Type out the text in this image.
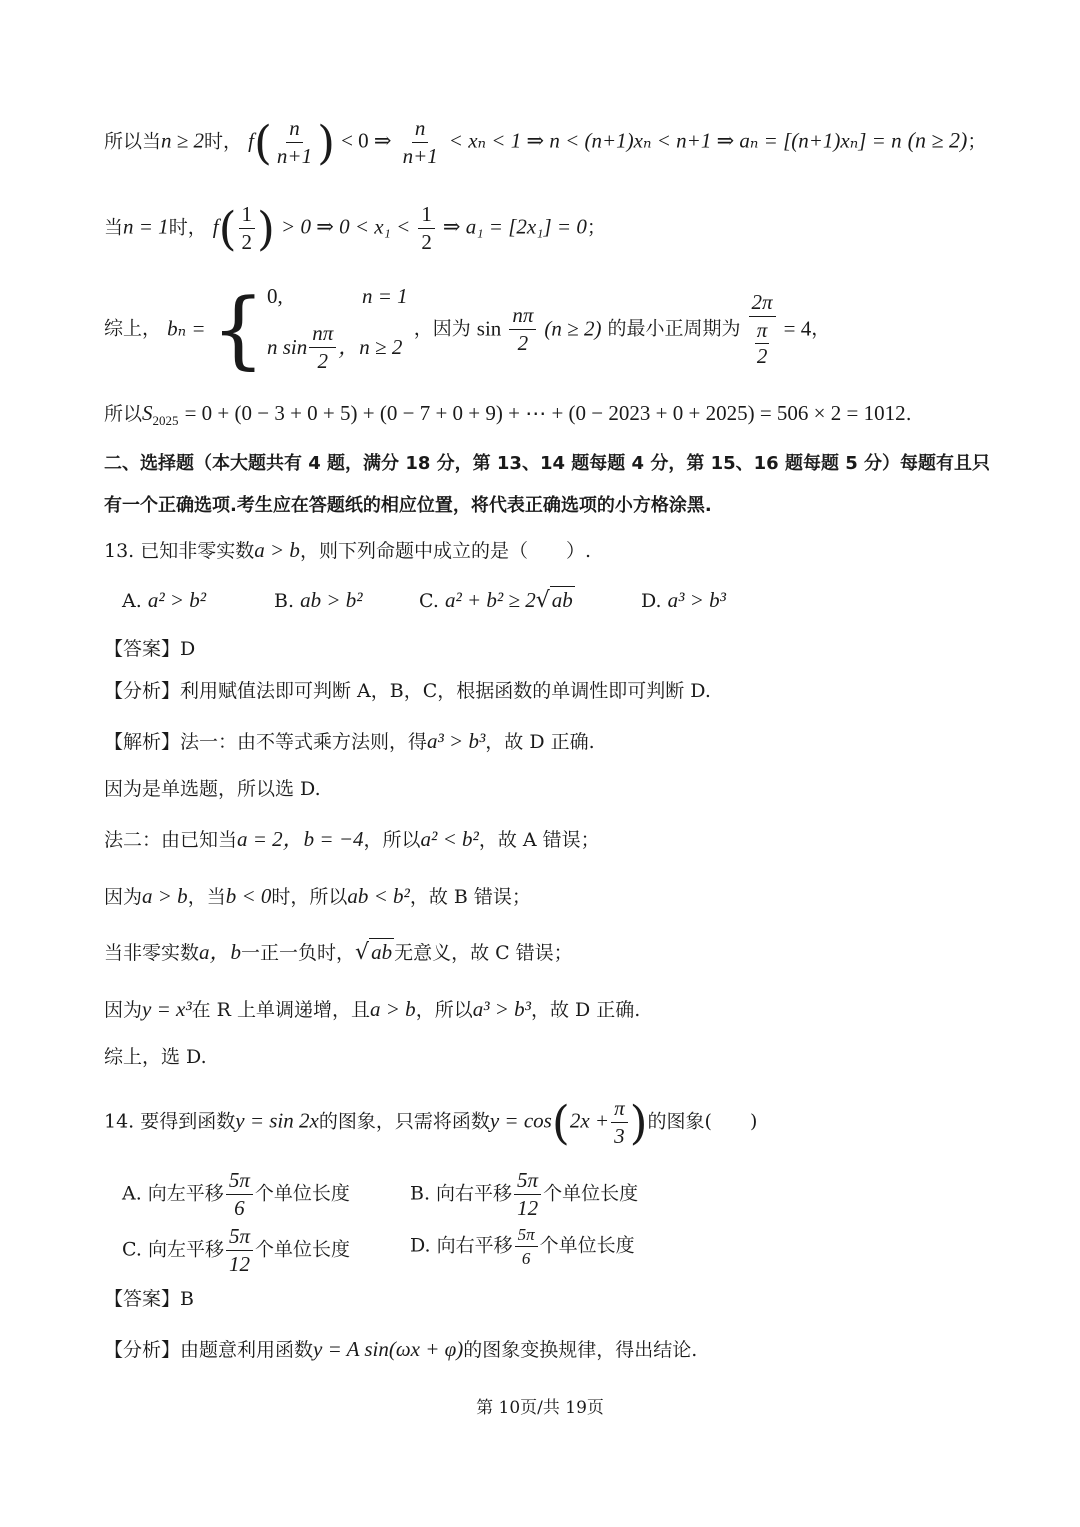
所以当n ≥ 2时， $f( \frac{n}{n+1}$ ) < 0 ⇒ $\frac{n}{n+1} < x_n < 1$ ⇒ n < (n+1)xₙ < n+1 ⇒ aₙ = [(n+1)xₙ] = n (n ≥ 2)；
当n = 1时， $f( \frac{1}{2}$ ) > 0 ⇒ $0 < x_1 < \frac{1}{2}$ ⇒ a₁ = [2x₁] = 0；
综上， bₙ = { 0,	n = 1
n $\sin \frac{n\pi}{2}$ ，n ≥ 2
，因为 $\sin \frac{n\pi}{2} (n \ge 2)$ 的最小正周期为 2π
π
2 = 4，
所以$S_{2025} = 0 + (0 - 3 + 0 + 5) + (0 - 7 + 0 + 9)$ + ⋯ + (0 − 2023 + 0 + 2025) = 506 × 2 = 1012.
二、选择题（本大题共有 4 题，满分 18 分，第 13、14 题每题 4 分，第 15、16 题每题 5 分）每题有且只
有一个正确选项.考生应在答题纸的相应位置，将代表正确选项的小方格涂黑.
13. 已知非零实数a > b，则下列命题中成立的是（　　）.
A. a² > b²	B. ab > b²	C. a² + b² ≥ 2√ab	D. a³ > b³
【答案】D
【分析】利用赋值法即可判断 A，B，C，根据函数的单调性即可判断 D.
【解析】法一：由不等式乘方法则，得a³ > b³，故 D 正确.
因为是单选题，所以选 D.
法二：由已知当a = 2，b = −4，所以a² < b²，故 A 错误；
因为a > b，当b < 0时，所以ab < b²，故 B 错误；
当非零实数a，b一正一负时，√ab 无意义，故 C 错误；
因为y = x³在 R 上单调递增，且a > b，所以a³ > b³，故 D 正确.
综上，选 D.
14. 要得到函数y = sin 2x的图象，只需将函数$y = \cos(2x + \frac{\pi}{3}$ )的图象(　　)
A. 向左平移 $\frac{5\pi}{6}$ 个单位长度	B. 向右平移 $\frac{5\pi}{12}$ 个单位长度
C. 向左平移 $\frac{5\pi}{12}$ 个单位长度	D. 向右平移 $\frac{5\pi}{6}$ 个单位长度
【答案】B
【分析】由题意利用函数y = A sin(ωx + φ)的图象变换规律，得出结论.
第 10页/共 19页
